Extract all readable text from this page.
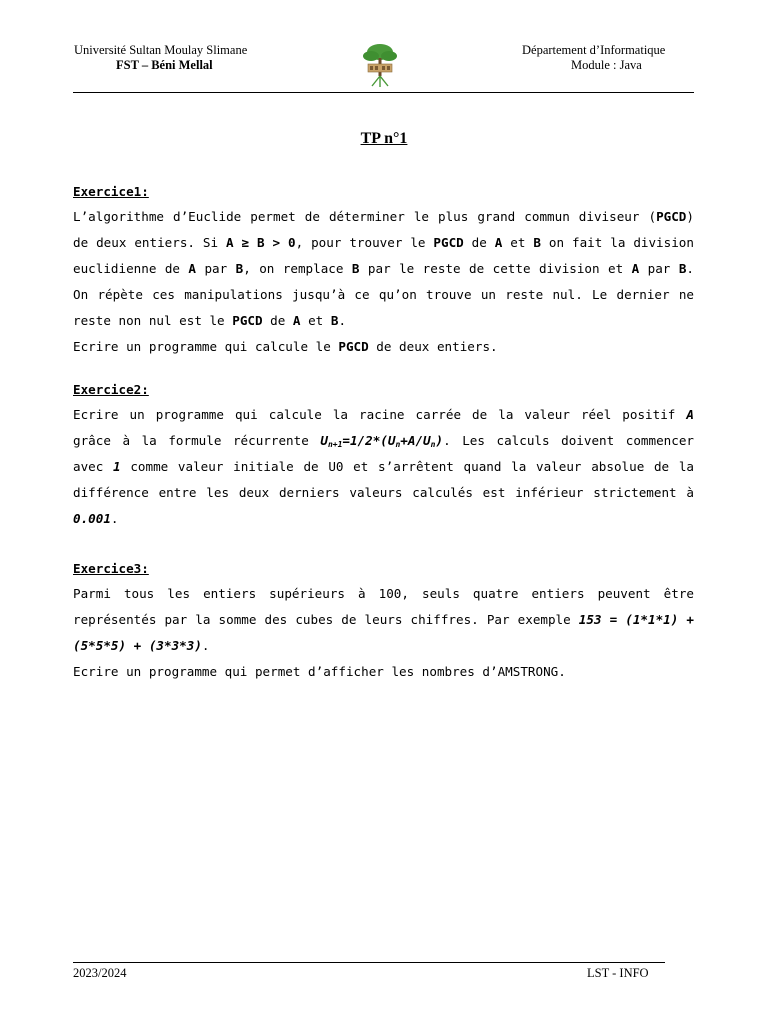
Université Sultan Moulay Slimane
FST – Béni Mellal
Département d’Informatique
Module : Java
TP n°1
Exercice1:
L’algorithme d’Euclide permet de déterminer le plus grand commun diviseur (PGCD) de deux entiers. Si A ≥ B > 0, pour trouver le PGCD de A et B on fait la division euclidienne de A par B, on remplace B par le reste de cette division et A par B. On répète ces manipulations jusqu’à ce qu’on trouve un reste nul. Le dernier ne reste non nul est le PGCD de A et B.
Ecrire un programme qui calcule le PGCD de deux entiers.
Exercice2:
Ecrire un programme qui calcule la racine carrée de la valeur réel positif A grâce à la formule récurrente $U_{n+1}=1/2*(U_n+A/U_n)$. Les calculs doivent commencer avec 1 comme valeur initiale de U0 et s’arrêtent quand la valeur absolue de la différence entre les deux derniers valeurs calculés est inférieur strictement à 0.001.
Exercice3:
Parmi tous les entiers supérieurs à 100, seuls quatre entiers peuvent être représentés par la somme des cubes de leurs chiffres. Par exemple 153 = (1*1*1) + (5*5*5) + (3*3*3).
Ecrire un programme qui permet d’afficher les nombres d’AMSTRONG.
2023/2024	LST - INFO
